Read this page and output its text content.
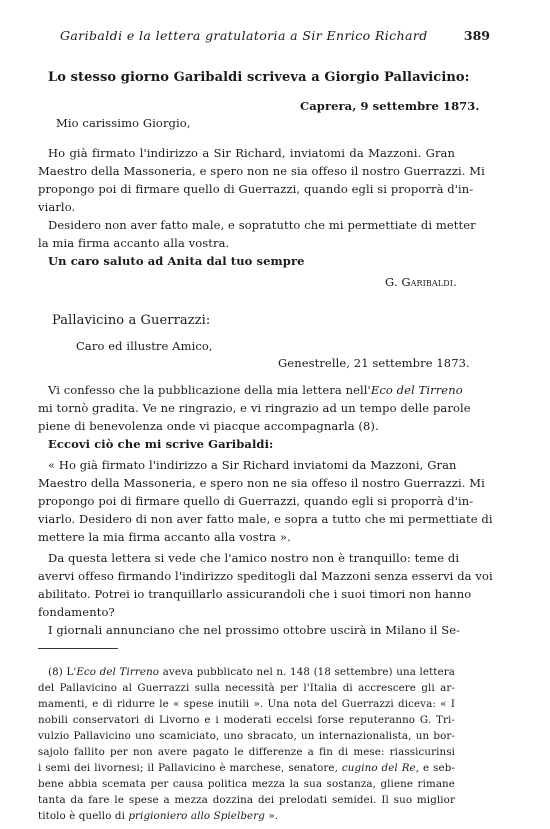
Garibaldi e la lettera gratulatoria a Sir Enrico Richard	389
Lo stesso giorno Garibaldi scriveva a Giorgio Pallavicino:
Caprera, 9 settembre 1873.
Mio carissimo Giorgio,
Ho già firmato l'indirizzo a Sir Richard, inviatomi da Mazzoni. Gran
Maestro della Massoneria, e spero non ne sia offeso il nostro Guerrazzi. Mi
propongo poi di firmare quello di Guerrazzi, quando egli si proporrà d'in-
viarlo.
Desidero non aver fatto male, e sopratutto che mi permettiate di metter
la mia firma accanto alla vostra.
Un caro saluto ad Anita dal tuo sempre
G. Garibaldi.
Pallavicino a Guerrazzi:
Caro ed illustre Amico,
Genestrelle, 21 settembre 1873.
Vi confesso che la pubblicazione della mia lettera nell'Eco del Tirreno
mi tornò gradita. Ve ne ringrazio, e vi ringrazio ad un tempo delle parole
piene di benevolenza onde vi piacque accompagnarla (8).
Eccovi ciò che mi scrive Garibaldi:
« Ho già firmato l'indirizzo a Sir Richard inviatomi da Mazzoni, Gran
Maestro della Massoneria, e spero non ne sia offeso il nostro Guerrazzi. Mi
propongo poi di firmare quello di Guerrazzi, quando egli si proporrà d'in-
viarlo. Desidero di non aver fatto male, e sopra a tutto che mi permettiate di
mettere la mia firma accanto alla vostra ».
Da questa lettera si vede che l'amico nostro non è tranquillo: teme di
avervi offeso firmando l'indirizzo speditogli dal Mazzoni senza esservi da voi
abilitato. Potrei io tranquillarlo assicurandoli che i suoi timori non hanno
fondamento?
I giornali annunciano che nel prossimo ottobre uscirà in Milano il Se-
(8) L'Eco del Tirreno aveva pubblicato nel n. 148 (18 settembre) una lettera
del Pallavicino al Guerrazzi sulla necessità per l'Italia di accrescere gli ar-
mamenti, e di ridurre le « spese inutili ». Una nota del Guerrazzi diceva: « I
nobili conservatori di Livorno e i moderati eccelsi forse reputeranno G. Tri-
vulzio Pallavicino uno scamiciato, uno sbracato, un internazionalista, un bor-
sajolo fallito per non avere pagato le differenze a fin di mese: riassicurinsi
i semi dei livornesi; il Pallavicino è marchese, senatore, cugino del Re, e seb-
bene abbia scemata per causa politica mezza la sua sostanza, gliene rimane
tanta da fare le spese a mezza dozzina dei prelodati semidei. Il suo miglior
titolo è quello di prigioniero allo Spielberg ».
